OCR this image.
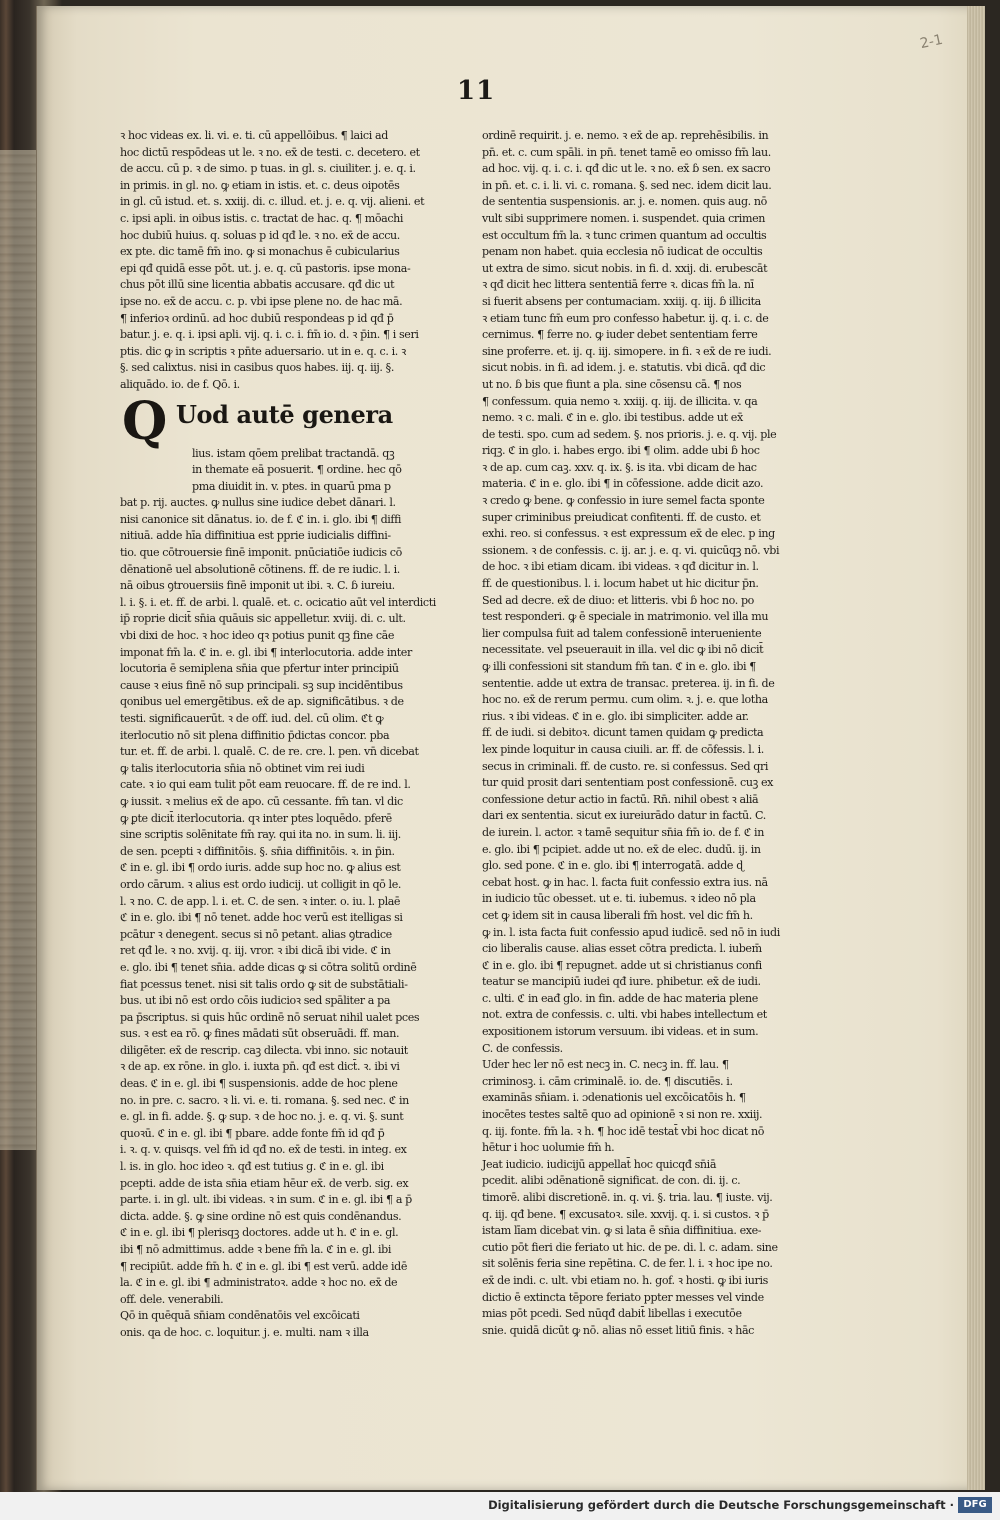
2-1
11
ꝛ hoc videas ex. li. vi. e. ti. cū appellōibus. ¶ laici ad
hoc dictū respōdeas ut le. ꝛ no. ex̄ de testi. c. decetero. et
de accu. cū p. ꝛ de simo. p tuas. in gl. s. ciuiliter. j. e. q. i.
in primis. in gl. no. ꝙ etiam in istis. et. c. deus oipotēs
in gl. cū istud. et. s. xxiij. di. c. illud. et. j. e. q. vij. alieni. et
c. ipsi apli. in oibus istis. c. tractat de hac. q. ¶ mōachi
hoc dubiū huius. q. soluas p id qđ le. ꝛ no. ex̄ de accu.
ex pte. dic tamē fm̄ ino. ꝙ si monachus ē cubicularius
epi qđ quidā esse pōt. ut. j. e. q. cū pastoris. ipse mona-
chus pōt illū sine licentia abbatis accusare. qđ dic ut
ipse no. ex̄ de accu. c. p. vbi ipse plene no. de hac mā.
¶ inferioꝛ ordinū. ad hoc dubiū respondeas p id qđ p̄
batur. j. e. q. i. ipsi apli. vij. q. i. c. i. fm̄ io. d. ꝛ p̄in. ¶ i seri
ptis. dic ꝙ in scriptis ꝛ pn̄te aduersario. ut in e. q. c. i. ꝛ
§. sed calixtus. nisi in casibus quos habes. iij. q. iij. §.
aliquādo. io. de f. Qō. i.
Q Uod autē genera
lius. istam qōem prelibat tractandā. qꝫ
in themate eā posuerit. ¶ ordine. hec qō
pma diuidit in. v. ptes. in quarū pma p
bat p. rij. auctes. ꝙ nullus sine iudice debet dānari. l.
nisi canonice sit dānatus. io. de f. ℭ in. i. glo. ibi ¶ diffi
nitiuā. adde hīa diffinitiua est pprie iudicialis diffini-
tio. que cōtrouersie finē imponit. pnūciatiōe iudicis cō
dēnationē uel absolutionē cōtinens. ff. de re iudic. l. i.
nā oibus ꝯtrouersiis finē imponit ut ibi. ꝛ. C. ɓ iureiu.
l. i. §. i. et. ff. de arbi. l. qualē. et. c. ocicatio aūt vel interdicti
ip̄ roprie dicit̄ sn̄ia quāuis sic appelletur. xviij. di. c. ult.
vbi dixi de hoc. ꝛ hoc ideo qꝛ potius punit qꝫ fine cāe
imponat fm̄ la. ℭ in. e. gl. ibi ¶ interlocutoria. adde inter
locutoria ē semiplena sn̄ia que pfertur inter principiū
cause ꝛ eius finē nō sup principali. sꝫ sup incidēntibus
qonibus uel emergētibus. ex̄ de ap. significātibus. ꝛ de
testi. significauerūt. ꝛ de off. iud. del. cū olim. ℭt ꝙ
iterlocutio nō sit plena diffinitio p̄dictas concor. pba
tur. et. ff. de arbi. l. qualē. C. de re. cre. l. pen. vn̄ dicebat
ꝙ talis iterlocutoria sn̄ia nō obtinet vim rei iudi
cate. ꝛ io qui eam tulit pōt eam reuocare. ff. de re ind. l.
ꝙ iussit. ꝛ melius ex̄ de apo. cū cessante. fm̄ tan. vl dic
ꝙ ꝑte dicit̄ iterlocutoria. qꝛ inter ptes loquēdo. pferē
sine scriptis solēnitate fm̄ ray. qui ita no. in sum. li. iij.
de sen. pcepti ꝛ diffinitōis. §. sn̄ia diffinitōis. ꝛ. in p̄in.
ℭ in e. gl. ibi ¶ ordo iuris. adde sup hoc no. ꝙ alius est
ordo cārum. ꝛ alius est ordo iudicij. ut colligit in qō le.
l. ꝛ no. C. de app. l. i. et. C. de sen. ꝛ inter. o. iu. l. plaē
ℭ in e. glo. ibi ¶ nō tenet. adde hoc verū est itelligas si
pcātur ꝛ denegent. secus si nō petant. alias ꝯtradice
ret qđ le. ꝛ no. xvij. q. iij. vror. ꝛ ibi dicā ibi vide. ℭ in
e. glo. ibi ¶ tenet sn̄ia. adde dicas ꝙ si cōtra solitū ordinē
fiat pcessus tenet. nisi sit talis ordo ꝙ sit de substātiali-
bus. ut ibi nō est ordo cōis iudicioꝛ sed spāliter a pa
pa p̄scriptus. si quis hūc ordinē nō seruat nihil ualet pces
sus. ꝛ est ea rō. ꝙ fines mādati sūt obseruādi. ff. man.
diligēter. ex̄ de rescrip. caꝫ dilecta. vbi inno. sic notauit
ꝛ de ap. ex rōne. in glo. i. iuxta pn̄. qđ est dict̄. ꝛ. ibi vi
deas. ℭ in e. gl. ibi ¶ suspensionis. adde de hoc plene
no. in pre. c. sacro. ꝛ li. vi. e. ti. romana. §. sed nec. ℭ in
e. gl. in fi. adde. §. ꝙ sup. ꝛ de hoc no. j. e. q. vi. §. sunt
quoꝛū. ℭ in e. gl. ibi ¶ pbare. adde fonte fm̄ id qđ p̄
i. ꝛ. q. v. quisqs. vel fm̄ id qđ no. ex̄ de testi. in integ. ex
l. is. in glo. hoc ideo ꝛ. qđ est tutius g. ℭ in e. gl. ibi
pcepti. adde de ista sn̄ia etiam hēur ex̄. de verb. sig. ex
parte. i. in gl. ult. ibi videas. ꝛ in sum. ℭ in e. gl. ibi ¶ a p̄
dicta. adde. §. ꝙ sine ordine nō est quis condēnandus.
ℭ in e. gl. ibi ¶ plerisqꝫ doctores. adde ut h. ℭ in e. gl.
ibi ¶ nō admittimus. adde ꝛ bene fm̄ la. ℭ in e. gl. ibi
¶ recipiūt. adde fm̄ h. ℭ in e. gl. ibi ¶ est verū. adde idē
la. ℭ in e. gl. ibi ¶ administratoꝛ. adde ꝛ hoc no. ex̄ de
off. dele. venerabili.
Qō in quēquā sn̄iam condēnatōis vel excōicati
onis. qa de hoc. c. loquitur. j. e. multi. nam ꝛ illa
ordinē requirit. j. e. nemo. ꝛ ex̄ de ap. reprehēsibilis. in
pn̄. et. c. cum spāli. in pn̄. tenet tamē eo omisso fm̄ lau.
ad hoc. vij. q. i. c. i. qđ dic ut le. ꝛ no. ex̄ ɓ sen. ex sacro
in pn̄. et. c. i. li. vi. c. romana. §. sed nec. idem dicit lau.
de sententia suspensionis. ar. j. e. nomen. quis aug. nō
vult sibi supprimere nomen. i. suspendet. quia crimen
est occultum fm̄ la. ꝛ tunc crimen quantum ad occultis
penam non habet. quia ecclesia nō iudicat de occultis
ut extra de simo. sicut nobis. in fi. d. xxij. di. erubescāt
ꝛ qđ dicit hec littera sententiā ferre ꝛ. dicas fm̄ la. nī
si fuerit absens per contumaciam. xxiij. q. iij. ɓ illicita
ꝛ etiam tunc fm̄ eum pro confesso habetur. ij. q. i. c. de
cernimus. ¶ ferre no. ꝙ iuder debet sententiam ferre
sine proferre. et. ij. q. iij. simopere. in fi. ꝛ ex̄ de re iudi.
sicut nobis. in fi. ad idem. j. e. statutis. vbi dicā. qđ dic
ut no. ɓ bis que fiunt a pla. sine cōsensu cā. ¶ nos
¶ confessum. quia nemo ꝛ. xxiij. q. iij. de illicita. v. qa
nemo. ꝛ c. mali. ℭ in e. glo. ibi testibus. adde ut ex̄
de testi. spo. cum ad sedem. §. nos prioris. j. e. q. vij. ple
riqꝫ. ℭ in glo. i. habes ergo. ibi ¶ olim. adde ubi ɓ hoc
ꝛ de ap. cum caꝫ. xxv. q. ix. §. is ita. vbi dicam de hac
materia. ℭ in e. glo. ibi ¶ in cōfessione. adde dicit azo.
ꝛ credo ꝙ bene. ꝙ confessio in iure semel facta sponte
super criminibus preiudicat confitenti. ff. de custo. et
exhi. reo. si confessus. ꝛ est expressum ex̄ de elec. p ing
ssionem. ꝛ de confessis. c. ij. ar. j. e. q. vi. quicūqꝫ nō. vbi
de hoc. ꝛ ibi etiam dicam. ibi videas. ꝛ qđ dicitur in. l.
ff. de questionibus. l. i. locum habet ut hic dicitur p̄n.
Sed ad decre. ex̄ de diuo: et litteris. vbi ɓ hoc no. po
test responderi. ꝙ ē speciale in matrimonio. vel illa mu
lier compulsa fuit ad talem confessionē interueniente
necessitate. vel pseuerauit in illa. vel dic ꝙ ibi nō dicit̄
ꝙ illi confessioni sit standum fm̄ tan. ℭ in e. glo. ibi ¶
sententie. adde ut extra de transac. preterea. ij. in fi. de
hoc no. ex̄ de rerum permu. cum olim. ꝛ. j. e. que lotha
rius. ꝛ ibi videas. ℭ in e. glo. ibi simpliciter. adde ar.
ff. de iudi. si debitoꝛ. dicunt tamen quidam ꝙ predicta
lex pinde loquitur in causa ciuili. ar. ff. de cōfessis. l. i.
secus in criminali. ff. de custo. re. si confessus. Sed qri
tur quid prosit dari sententiam post confessionē. cuꝫ ex
confessione detur actio in factū. Rn̄. nihil obest ꝛ aliā
dari ex sententia. sicut ex iureiurādo datur in factū. C.
de iurein. l. actor. ꝛ tamē sequitur sn̄ia fm̄ io. de f. ℭ in
e. glo. ibi ¶ pcipiet. adde ut no. ex̄ de elec. dudū. ij. in
glo. sed pone. ℭ in e. glo. ibi ¶ interrogatā. adde ɖ
cebat host. ꝙ in hac. l. facta fuit confessio extra ius. nā
in iudicio tūc obesset. ut e. ti. iubemus. ꝛ ideo nō pla
cet ꝙ idem sit in causa liberali fm̄ host. vel dic fm̄ h.
ꝙ in. l. ista facta fuit confessio apud iudicē. sed nō in iudi
cio liberalis cause. alias esset cōtra predicta. l. iubem̄
ℭ in e. glo. ibi ¶ repugnet. adde ut si christianus confi
teatur se mancipiū iudei qđ iure. phibetur. ex̄ de iudi.
c. ulti. ℭ in eađ glo. in fin. adde de hac materia plene
not. extra de confessis. c. ulti. vbi habes intellectum et
expositionem istorum versuum. ibi videas. et in sum.
C. de confessis.
Uder hec ler nō est necꝫ in. C. necꝫ in. ff. lau. ¶
criminosꝫ. i. cām criminalē. io. de. ¶ discutiēs. i.
examinās sn̄iam. i. ɔdenationis uel excōicatōis h. ¶
inocētes testes saltē quo ad opinionē ꝛ si non re. xxiij.
q. iij. fonte. fm̄ la. ꝛ h. ¶ hoc idē testat̄ vbi hoc dicat nō
hētur i hoc uolumie fm̄ h.
Jeat iudicio. iudicijū appellat̄ hoc quicqđ sn̄iā
pcedit. alibi ɔdēnationē significat. de con. di. ij. c.
timorē. alibi discretionē. in. q. vi. §. tria. lau. ¶ iuste. vij.
q. iij. qđ bene. ¶ excusatoꝛ. sile. xxvij. q. i. si custos. ꝛ p̄
istam līam dicebat vin. ꝙ si lata ē sn̄ia diffinitiua. exe-
cutio pōt fieri die feriato ut hic. de pe. di. l. c. adam. sine
sit solēnis feria sine repētina. C. de fer. l. i. ꝛ hoc ipe no.
ex̄ de indi. c. ult. vbi etiam no. h. gof. ꝛ hosti. ꝙ ibi iuris
dictio ē extincta tēpore feriato ppter messes vel vinde
mias pōt pcedi. Sed nūqđ dabit̄ libellas i executōe
snie. quidā dicūt ꝙ nō. alias nō esset litiū finis. ꝛ hāc
Digitalisierung gefördert durch die Deutsche Forschungsgemeinschaft · DFG
